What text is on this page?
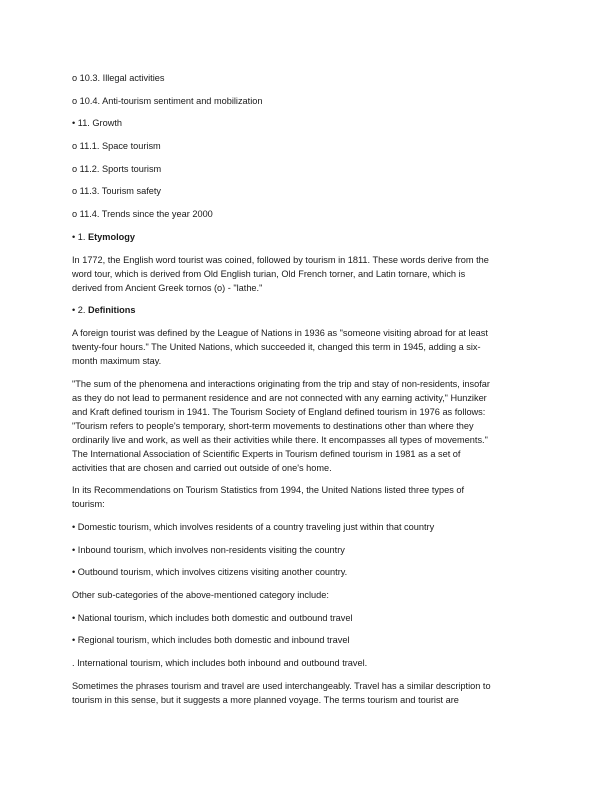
o 10.3. Illegal activities
o 10.4. Anti-tourism sentiment and mobilization
• 11. Growth
o 11.1. Space tourism
o 11.2. Sports tourism
o 11.3. Tourism safety
o 11.4. Trends since the year 2000
• 1. Etymology
In 1772, the English word tourist was coined, followed by tourism in 1811. These words derive from the
word tour, which is derived from Old English turian, Old French torner, and Latin tornare, which is
derived from Ancient Greek tornos (o) - "lathe."
• 2. Definitions
A foreign tourist was defined by the League of Nations in 1936 as "someone visiting abroad for at least
twenty-four hours." The United Nations, which succeeded it, changed this term in 1945, adding a six-
month maximum stay.
"The sum of the phenomena and interactions originating from the trip and stay of non-residents, insofar
as they do not lead to permanent residence and are not connected with any earning activity," Hunziker
and Kraft defined tourism in 1941. The Tourism Society of England defined tourism in 1976 as follows:
"Tourism refers to people's temporary, short-term movements to destinations other than where they
ordinarily live and work, as well as their activities while there. It encompasses all types of movements."
The International Association of Scientific Experts in Tourism defined tourism in 1981 as a set of
activities that are chosen and carried out outside of one's home.
In its Recommendations on Tourism Statistics from 1994, the United Nations listed three types of
tourism:
• Domestic tourism, which involves residents of a country traveling just within that country
• Inbound tourism, which involves non-residents visiting the country
• Outbound tourism, which involves citizens visiting another country.
Other sub-categories of the above-mentioned category include:
• National tourism, which includes both domestic and outbound travel
• Regional tourism, which includes both domestic and inbound travel
. International tourism, which includes both inbound and outbound travel.
Sometimes the phrases tourism and travel are used interchangeably. Travel has a similar description to
tourism in this sense, but it suggests a more planned voyage. The terms tourism and tourist are
